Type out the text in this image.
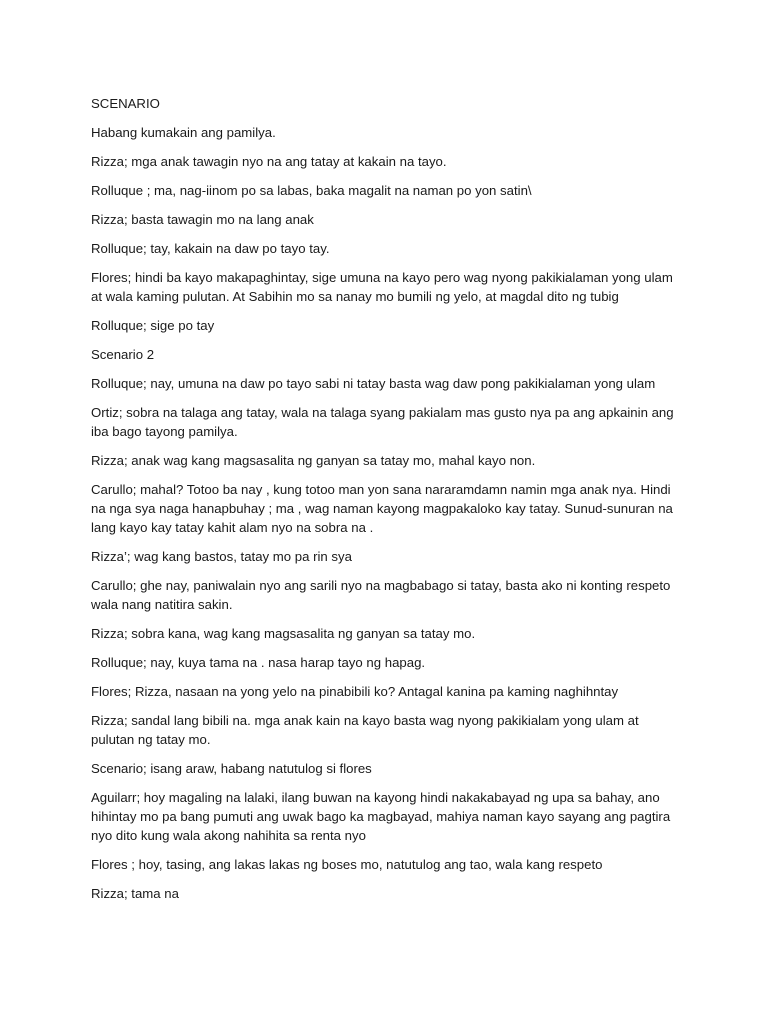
SCENARIO

Habang kumakain ang pamilya.

Rizza; mga anak tawagin nyo na ang tatay at kakain na tayo.

Rolluque ; ma, nag-iinom po sa labas, baka magalit na naman po yon satin\

Rizza; basta tawagin mo na lang anak

Rolluque; tay, kakain na daw po tayo tay.

Flores; hindi ba kayo makapaghintay, sige umuna na kayo pero wag nyong pakikialaman yong ulam at wala kaming pulutan. At Sabihin mo sa nanay mo bumili ng yelo, at magdal dito ng tubig

Rolluque; sige po tay

Scenario 2

Rolluque; nay, umuna na daw po tayo sabi ni tatay basta wag daw pong pakikialaman yong ulam

Ortiz; sobra na talaga ang tatay, wala na talaga syang pakialam mas gusto nya pa ang apkainin ang iba bago tayong pamilya.

Rizza; anak wag kang magsasalita ng ganyan sa tatay mo, mahal kayo non.

Carullo; mahal? Totoo ba nay , kung totoo man yon sana nararamdamn namin mga anak nya. Hindi na nga sya naga hanapbuhay ; ma , wag naman kayong magpakaloko kay tatay. Sunud-sunuran na lang kayo kay tatay kahit alam nyo na sobra na .

Rizza’; wag kang bastos, tatay mo pa rin sya

Carullo; ghe nay, paniwalain nyo ang sarili nyo na magbabago si tatay, basta ako ni konting respeto wala nang natitira sakin.

Rizza; sobra kana, wag kang magsasalita ng ganyan sa tatay mo.

Rolluque; nay, kuya tama na . nasa harap tayo ng hapag.

Flores; Rizza, nasaan na yong yelo na pinabibili ko? Antagal kanina pa kaming naghihntay

Rizza; sandal lang bibili na. mga anak kain na kayo basta wag nyong pakikialam yong ulam at pulutan ng tatay mo.

Scenario; isang araw, habang natutulog si flores

Aguilarr; hoy magaling na lalaki, ilang buwan na kayong hindi nakakabayad ng upa sa bahay, ano hihintay mo pa bang pumuti ang uwak bago ka magbayad, mahiya naman kayo sayang ang pagtira nyo dito kung wala akong nahihita sa renta nyo

Flores ; hoy, tasing, ang lakas lakas ng boses mo, natutulog ang tao, wala kang respeto

Rizza; tama na
